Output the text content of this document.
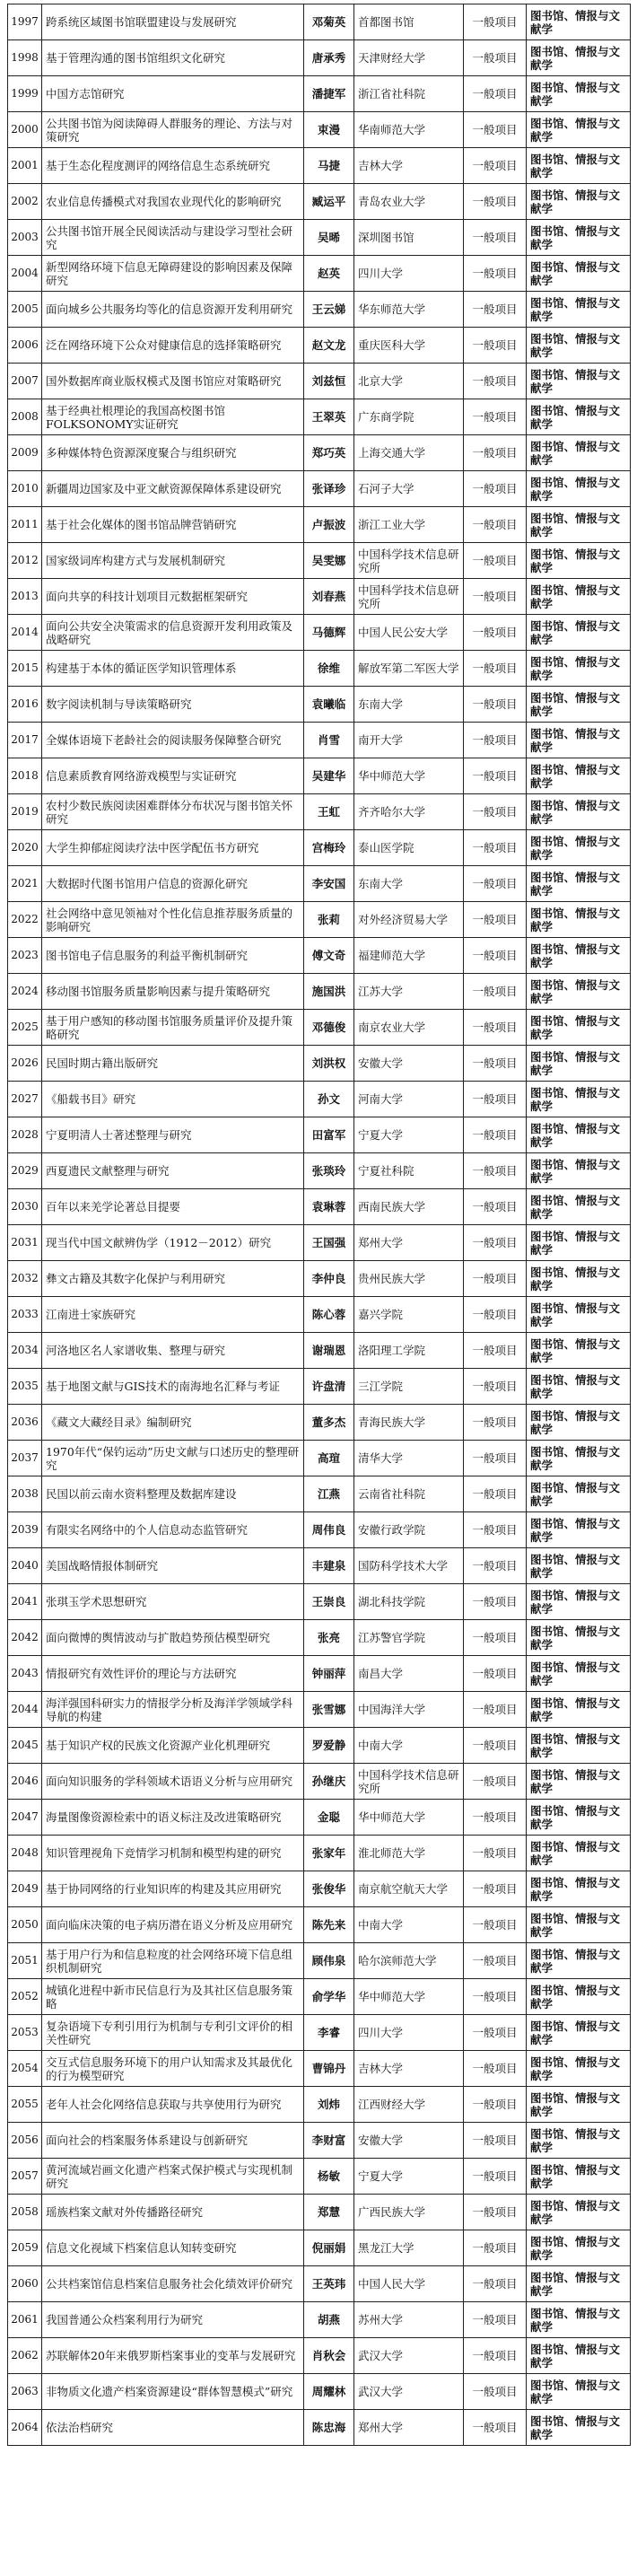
1997	跨系统区域图书馆联盟建设与发展研究	邓菊英	首都图书馆	一般项目	图书馆、情报与文献学
1998	基于管理沟通的图书馆组织文化研究	唐承秀	天津财经大学	一般项目	图书馆、情报与文献学
1999	中国方志馆研究	潘捷军	浙江省社科院	一般项目	图书馆、情报与文献学
2000	公共图书馆为阅读障碍人群服务的理论、方法与对策研究	束漫	华南师范大学	一般项目	图书馆、情报与文献学
2001	基于生态化程度测评的网络信息生态系统研究	马捷	吉林大学	一般项目	图书馆、情报与文献学
2002	农业信息传播模式对我国农业现代化的影响研究	臧运平	青岛农业大学	一般项目	图书馆、情报与文献学
2003	公共图书馆开展全民阅读活动与建设学习型社会研究	吴晞	深圳图书馆	一般项目	图书馆、情报与文献学
2004	新型网络环境下信息无障碍建设的影响因素及保障研究	赵英	四川大学	一般项目	图书馆、情报与文献学
2005	面向城乡公共服务均等化的信息资源开发利用研究	王云娣	华东师范大学	一般项目	图书馆、情报与文献学
2006	泛在网络环境下公众对健康信息的选择策略研究	赵文龙	重庆医科大学	一般项目	图书馆、情报与文献学
2007	国外数据库商业版权模式及图书馆应对策略研究	刘兹恒	北京大学	一般项目	图书馆、情报与文献学
2008	基于经典社根理论的我国高校图书馆FOLKSONOMY实证研究	王翠英	广东商学院	一般项目	图书馆、情报与文献学
2009	多种媒体特色资源深度聚合与组织研究	郑巧英	上海交通大学	一般项目	图书馆、情报与文献学
2010	新疆周边国家及中亚文献资源保障体系建设研究	张译珍	石河子大学	一般项目	图书馆、情报与文献学
2011	基于社会化媒体的图书馆品牌营销研究	卢振波	浙江工业大学	一般项目	图书馆、情报与文献学
2012	国家级词库构建方式与发展机制研究	吴雯娜	中国科学技术信息研究所	一般项目	图书馆、情报与文献学
2013	面向共享的科技计划项目元数据框架研究	刘春燕	中国科学技术信息研究所	一般项目	图书馆、情报与文献学
2014	面向公共安全决策需求的信息资源开发利用政策及战略研究	马德辉	中国人民公安大学	一般项目	图书馆、情报与文献学
2015	构建基于本体的循证医学知识管理体系	徐维	解放军第二军医大学	一般项目	图书馆、情报与文献学
2016	数字阅读机制与导读策略研究	袁曦临	东南大学	一般项目	图书馆、情报与文献学
2017	全媒体语境下老龄社会的阅读服务保障整合研究	肖雪	南开大学	一般项目	图书馆、情报与文献学
2018	信息素质教育网络游戏模型与实证研究	吴建华	华中师范大学	一般项目	图书馆、情报与文献学
2019	农村少数民族阅读困难群体分布状况与图书馆关怀研究	王虹	齐齐哈尔大学	一般项目	图书馆、情报与文献学
2020	大学生抑郁症阅读疗法中医学配伍书方研究	宫梅玲	泰山医学院	一般项目	图书馆、情报与文献学
2021	大数据时代图书馆用户信息的资源化研究	李安国	东南大学	一般项目	图书馆、情报与文献学
2022	社会网络中意见领袖对个性化信息推荐服务质量的影响研究	张莉	对外经济贸易大学	一般项目	图书馆、情报与文献学
2023	图书馆电子信息服务的利益平衡机制研究	傅文奇	福建师范大学	一般项目	图书馆、情报与文献学
2024	移动图书馆服务质量影响因素与提升策略研究	施国洪	江苏大学	一般项目	图书馆、情报与文献学
2025	基于用户感知的移动图书馆服务质量评价及提升策略研究	邓德俊	南京农业大学	一般项目	图书馆、情报与文献学
2026	民国时期古籍出版研究	刘洪权	安徽大学	一般项目	图书馆、情报与文献学
2027	《船载书目》研究	孙文	河南大学	一般项目	图书馆、情报与文献学
2028	宁夏明清人士著述整理与研究	田富军	宁夏大学	一般项目	图书馆、情报与文献学
2029	西夏遗民文献整理与研究	张琰玲	宁夏社科院	一般项目	图书馆、情报与文献学
2030	百年以来羌学论著总目提要	袁琳蓉	西南民族大学	一般项目	图书馆、情报与文献学
2031	现当代中国文献辨伪学（1912－2012）研究	王国强	郑州大学	一般项目	图书馆、情报与文献学
2032	彝文古籍及其数字化保护与利用研究	李仲良	贵州民族大学	一般项目	图书馆、情报与文献学
2033	江南进士家族研究	陈心蓉	嘉兴学院	一般项目	图书馆、情报与文献学
2034	河洛地区名人家谱收集、整理与研究	谢瑞恩	洛阳理工学院	一般项目	图书馆、情报与文献学
2035	基于地图文献与GIS技术的南海地名汇释与考证	许盘清	三江学院	一般项目	图书馆、情报与文献学
2036	《藏文大藏经目录》编制研究	董多杰	青海民族大学	一般项目	图书馆、情报与文献学
2037	1970年代“保钓运动”历史文献与口述历史的整理研究	高瑄	清华大学	一般项目	图书馆、情报与文献学
2038	民国以前云南水资料整理及数据库建设	江燕	云南省社科院	一般项目	图书馆、情报与文献学
2039	有限实名网络中的个人信息动态监管研究	周伟良	安徽行政学院	一般项目	图书馆、情报与文献学
2040	美国战略情报体制研究	丰建泉	国防科学技术大学	一般项目	图书馆、情报与文献学
2041	张琪玉学术思想研究	王崇良	湖北科技学院	一般项目	图书馆、情报与文献学
2042	面向微博的舆情波动与扩散趋势预估模型研究	张亮	江苏警官学院	一般项目	图书馆、情报与文献学
2043	情报研究有效性评价的理论与方法研究	钟丽萍	南昌大学	一般项目	图书馆、情报与文献学
2044	海洋强国科研实力的情报学分析及海洋学领域学科导航的构建	张雪娜	中国海洋大学	一般项目	图书馆、情报与文献学
2045	基于知识产权的民族文化资源产业化机理研究	罗爱静	中南大学	一般项目	图书馆、情报与文献学
2046	面向知识服务的学科领域术语语义分析与应用研究	孙继庆	中国科学技术信息研究所	一般项目	图书馆、情报与文献学
2047	海量图像资源检索中的语义标注及改进策略研究	金聪	华中师范大学	一般项目	图书馆、情报与文献学
2048	知识管理视角下竞情学习机制和模型构建的研究	张家年	淮北师范大学	一般项目	图书馆、情报与文献学
2049	基于协同网络的行业知识库的构建及其应用研究	张俊华	南京航空航天大学	一般项目	图书馆、情报与文献学
2050	面向临床决策的电子病历潜在语义分析及应用研究	陈先来	中南大学	一般项目	图书馆、情报与文献学
2051	基于用户行为和信息粒度的社会网络环境下信息组织机制研究	顾伟泉	哈尔滨师范大学	一般项目	图书馆、情报与文献学
2052	城镇化进程中新市民信息行为及其社区信息服务策略	俞学华	华中师范大学	一般项目	图书馆、情报与文献学
2053	复杂语境下专利引用行为机制与专利引文评价的相关性研究	李睿	四川大学	一般项目	图书馆、情报与文献学
2054	交互式信息服务环境下的用户认知需求及其最优化的行为模型研究	曹锦丹	吉林大学	一般项目	图书馆、情报与文献学
2055	老年人社会化网络信息获取与共享使用行为研究	刘炜	江西财经大学	一般项目	图书馆、情报与文献学
2056	面向社会的档案服务体系建设与创新研究	李财富	安徽大学	一般项目	图书馆、情报与文献学
2057	黄河流域岩画文化遗产档案式保护模式与实现机制研究	杨敏	宁夏大学	一般项目	图书馆、情报与文献学
2058	瑶族档案文献对外传播路径研究	郑慧	广西民族大学	一般项目	图书馆、情报与文献学
2059	信息文化视域下档案信息认知转变研究	倪丽娟	黑龙江大学	一般项目	图书馆、情报与文献学
2060	公共档案馆信息档案信息服务社会化绩效评价研究	王英玮	中国人民大学	一般项目	图书馆、情报与文献学
2061	我国普通公众档案利用行为研究	胡燕	苏州大学	一般项目	图书馆、情报与文献学
2062	苏联解体20年来俄罗斯档案事业的变革与发展研究	肖秋会	武汉大学	一般项目	图书馆、情报与文献学
2063	非物质文化遗产档案资源建设“群体智慧模式”研究	周耀林	武汉大学	一般项目	图书馆、情报与文献学
2064	依法治档研究	陈忠海	郑州大学	一般项目	图书馆、情报与文献学
